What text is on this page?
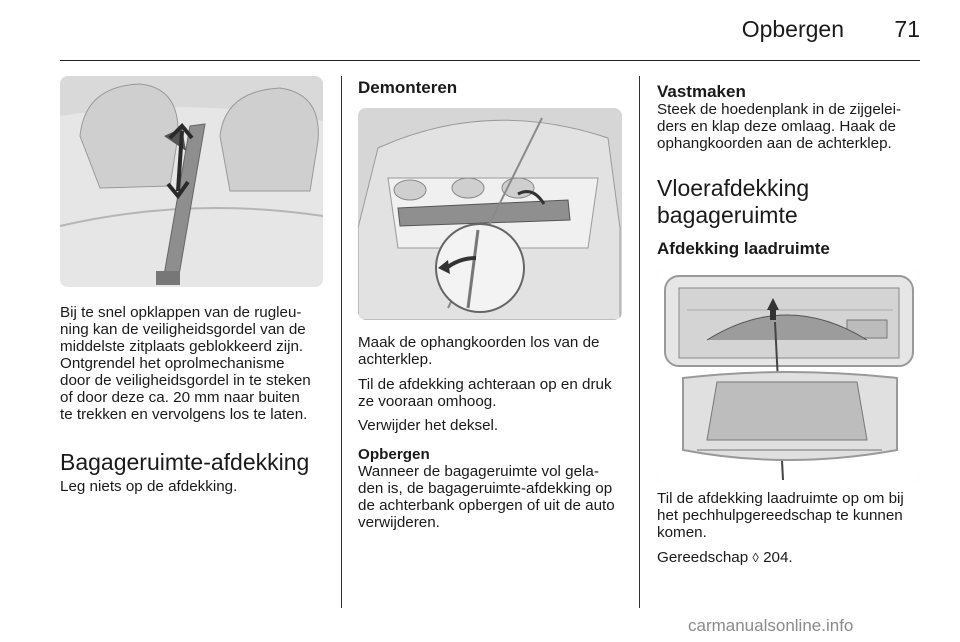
Opbergen	71
Bij te snel opklappen van de rugleu-
ning kan de veiligheidsgordel van de
middelste zitplaats geblokkeerd zijn.
Ontgrendel het oprolmechanisme
door de veiligheidsgordel in te steken
of door deze ca. 20 mm naar buiten
te trekken en vervolgens los te laten.
Bagageruimte-afdekking
Leg niets op de afdekking.
Demonteren
Maak de ophangkoorden los van de
achterklep.
Til de afdekking achteraan op en druk
ze vooraan omhoog.
Verwijder het deksel.
Opbergen
Wanneer de bagageruimte vol gela-
den is, de bagageruimte-afdekking op
de achterbank opbergen of uit de auto
verwijderen.
Vastmaken
Steek de hoedenplank in de zijgelei-
ders en klap deze omlaag. Haak de
ophangkoorden aan de achterklep.
Vloerafdekking
bagageruimte
Afdekking laadruimte
Til de afdekking laadruimte op om bij
het pechhulpgereedschap te kunnen
komen.
Gereedschap ◊ 204.
carmanualsonline.info
